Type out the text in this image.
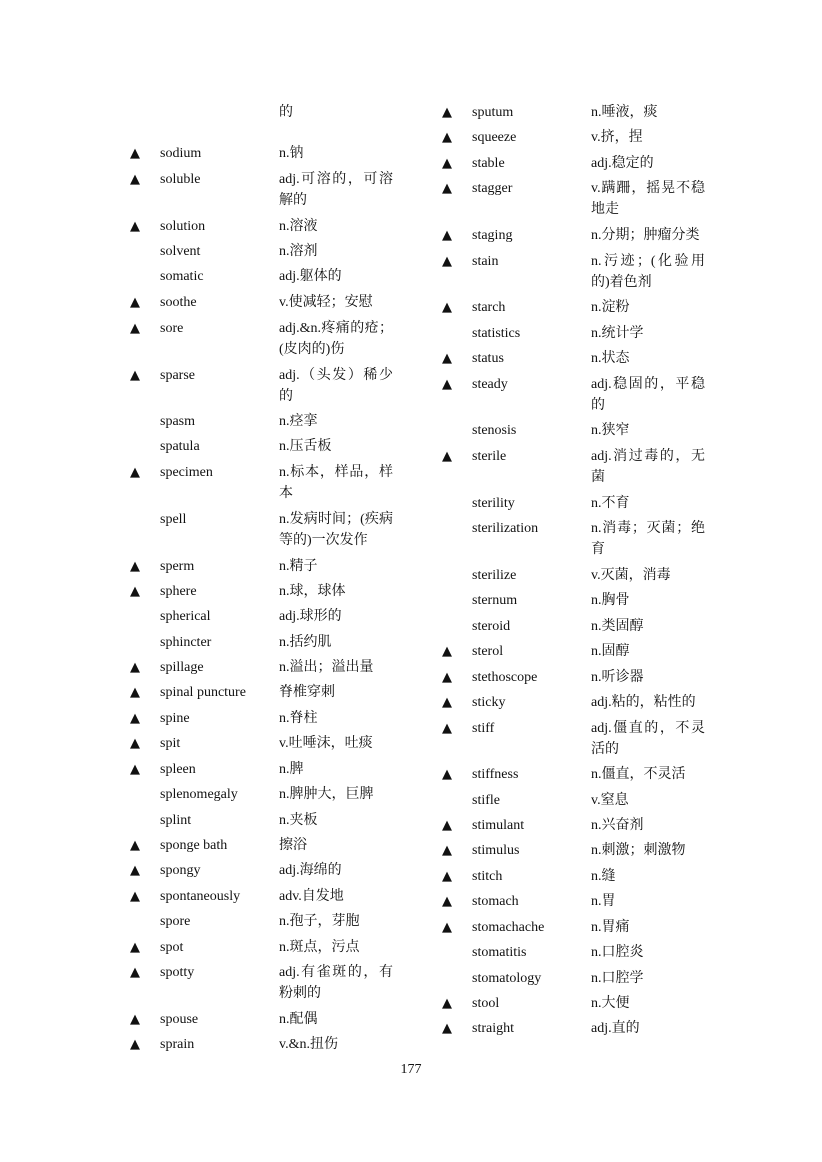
的
▲ sodium	n.钠
▲ soluble	adj.可溶的，可溶解的
▲ solution	n.溶液
solvent	n.溶剂
somatic	adj.躯体的
▲ soothe	v.使减轻；安慰
▲ sore	adj.&n.疼痛的疮；(皮肉的)伤
▲ sparse	adj.（头发）稀少的
spasm	n.痉挛
spatula	n.压舌板
▲ specimen	n.标本，样品，样本
spell	n.发病时间；(疾病等的)一次发作
▲ sperm	n.精子
▲ sphere	n.球，球体
spherical	adj.球形的
sphincter	n.括约肌
▲ spillage	n.溢出；溢出量
▲ spinal puncture	脊椎穿刺
▲ spine	n.脊柱
▲ spit	v.吐唾沫，吐痰
▲ spleen	n.脾
splenomegaly	n.脾肿大，巨脾
splint	n.夹板
▲ sponge bath	擦浴
▲ spongy	adj.海绵的
▲ spontaneously	adv.自发地
spore	n.孢子，芽胞
▲ spot	n.斑点，污点
▲ spotty	adj.有雀斑的，有粉刺的
▲ spouse	n.配偶
▲ sprain	v.&n.扭伤
▲ sputum	n.唾液，痰
▲ squeeze	v.挤，捏
▲ stable	adj.稳定的
▲ stagger	v.蹒跚，摇晃不稳地走
▲ staging	n.分期；肿瘤分类
▲ stain	n.污迹；(化验用的)着色剂
▲ starch	n.淀粉
statistics	n.统计学
▲ status	n.状态
▲ steady	adj.稳固的，平稳的
stenosis	n.狭窄
▲ sterile	adj.消过毒的，无菌
sterility	n.不育
sterilization	n.消毒；灭菌；绝育
sterilize	v.灭菌，消毒
sternum	n.胸骨
steroid	n.类固醇
▲ sterol	n.固醇
▲ stethoscope	n.听诊器
▲ sticky	adj.粘的，粘性的
▲ stiff	adj.僵直的，不灵活的
▲ stiffness	n.僵直，不灵活
stifle	v.窒息
▲ stimulant	n.兴奋剂
▲ stimulus	n.刺激；刺激物
▲ stitch	n.缝
▲ stomach	n.胃
▲ stomachache	n.胃痛
stomatitis	n.口腔炎
stomatology	n.口腔学
▲ stool	n.大便
▲ straight	adj.直的
177
